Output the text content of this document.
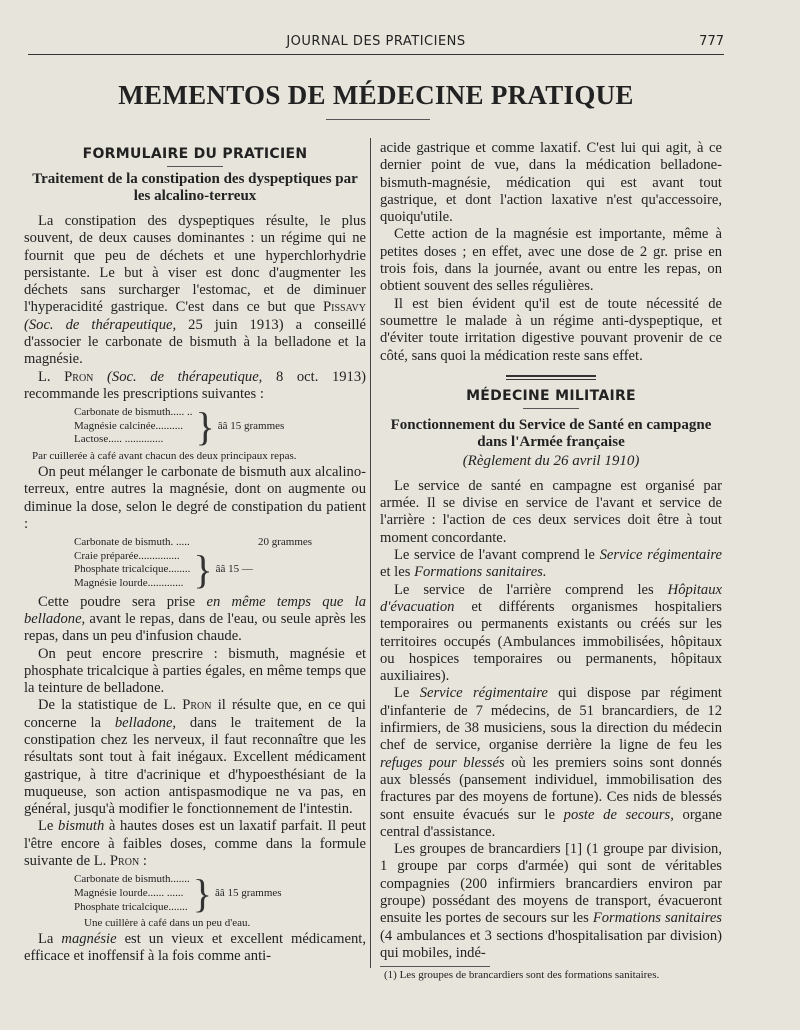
JOURNAL DES PRATICIENS	777
MEMENTOS DE MÉDECINE PRATIQUE
FORMULAIRE DU PRATICIEN
Traitement de la constipation des dyspeptiques par les alcalino-terreux

La constipation des dyspeptiques résulte, le plus souvent, de deux causes dominantes : un régime qui ne fournit que peu de déchets et une hyperchlorhydrie persistante. Le but à viser est donc d'augmenter les déchets sans surcharger l'estomac, et de diminuer l'hyperacidité gastrique. C'est dans ce but que Pissavy (Soc. de thérapeutique, 25 juin 1913) a conseillé d'associer le carbonate de bismuth à la belladone et la magnésie.

L. Pron (Soc. de thérapeutique, 8 oct. 1913) recommande les prescriptions suivantes :

Carbonate de bismuth..... ..
Magnésie calcinée..........
Lactose..... .............. } ââ 15 grammes
Par cuillerée à café avant chacun des deux principaux repas.

On peut mélanger le carbonate de bismuth aux alcalino-terreux, entre autres la magnésie, dont on augmente ou diminue la dose, selon le degré de constipation du patient :

Carbonate de bismuth. .....	20 grammes
Craie préparée...............
Phosphate tricalcique........
Magnésie lourde............. } ââ 15 —

Cette poudre sera prise en même temps que la belladone, avant le repas, dans de l'eau, ou seule après les repas, dans un peu d'infusion chaude.

On peut encore prescrire : bismuth, magnésie et phosphate tricalcique à parties égales, en même temps que la teinture de belladone.

De la statistique de L. Pron il résulte que, en ce qui concerne la belladone, dans le traitement de la constipation chez les nerveux, il faut reconnaître que les résultats sont tout à fait inégaux. Excellent médicament gastrique, à titre d'acrinique et d'hypoesthésiant de la muqueuse, son action antispasmodique ne va pas, en général, jusqu'à modifier le fonctionnement de l'intestin.

Le bismuth à hautes doses est un laxatif parfait. Il peut l'être encore à faibles doses, comme dans la formule suivante de L. Pron :

Carbonate de bismuth.......
Magnésie lourde...... ......
Phosphate tricalcique....... } ââ 15 grammes
Une cuillère à café dans un peu d'eau.

La magnésie est un vieux et excellent médicament, efficace et inoffensif à la fois comme anti-

acide gastrique et comme laxatif. C'est lui qui agit, à ce dernier point de vue, dans la médication belladone-bismuth-magnésie, médication qui est avant tout gastrique, et dont l'action laxative n'est qu'accessoire, quoiqu'utile.

Cette action de la magnésie est importante, même à petites doses ; en effet, avec une dose de 2 gr. prise en trois fois, dans la journée, avant ou entre les repas, on obtient souvent des selles régulières.

Il est bien évident qu'il est de toute nécessité de soumettre le malade à un régime anti-dyspeptique, et d'éviter toute irritation digestive pouvant provenir de ce côté, sans quoi la médication reste sans effet.

MÉDECINE MILITAIRE
Fonctionnement du Service de Santé en campagne dans l'Armée française
(Règlement du 26 avril 1910)

Le service de santé en campagne est organisé par armée. Il se divise en service de l'avant et service de l'arrière : l'action de ces deux services doit être à tout moment concordante.

Le service de l'avant comprend le Service régimentaire et les Formations sanitaires.

Le service de l'arrière comprend les Hôpitaux d'évacuation et différents organismes hospitaliers temporaires ou permanents existants ou créés sur les territoires occupés (Ambulances immobilisées, hôpitaux ou hospices temporaires ou permanents, hôpitaux auxiliaires).

Le Service régimentaire qui dispose par régiment d'infanterie de 7 médecins, de 51 brancardiers, de 12 infirmiers, de 38 musiciens, sous la direction du médecin chef de service, organise derrière la ligne de feu les refuges pour blessés où les premiers soins sont donnés aux blessés (pansement individuel, immobilisation des fractures par des moyens de fortune). Ces nids de blessés sont ensuite évacués sur le poste de secours, organe central d'assistance.

Les groupes de brancardiers [1] (1 groupe par division, 1 groupe par corps d'armée) qui sont de véritables compagnies (200 infirmiers brancardiers environ par groupe) possédant des moyens de transport, évacueront ensuite les portes de secours sur les Formations sanitaires (4 ambulances et 3 sections d'hospitalisation par division) qui mobiles, indé-

(1) Les groupes de brancardiers sont des formations sanitaires.
